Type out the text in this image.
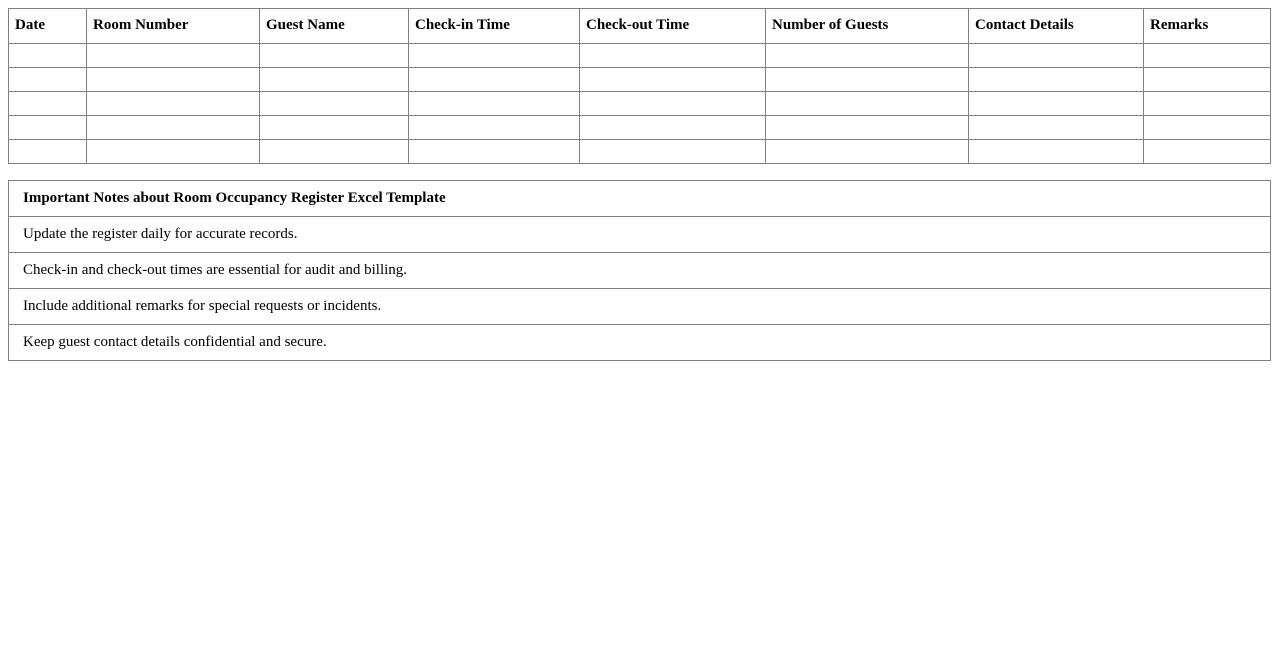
Date	Room Number	Guest Name	Check-in Time	Check-out Time	Number of Guests	Contact Details	Remarks

Important Notes about Room Occupancy Register Excel Template
Update the register daily for accurate records.
Check-in and check-out times are essential for audit and billing.
Include additional remarks for special requests or incidents.
Keep guest contact details confidential and secure.
